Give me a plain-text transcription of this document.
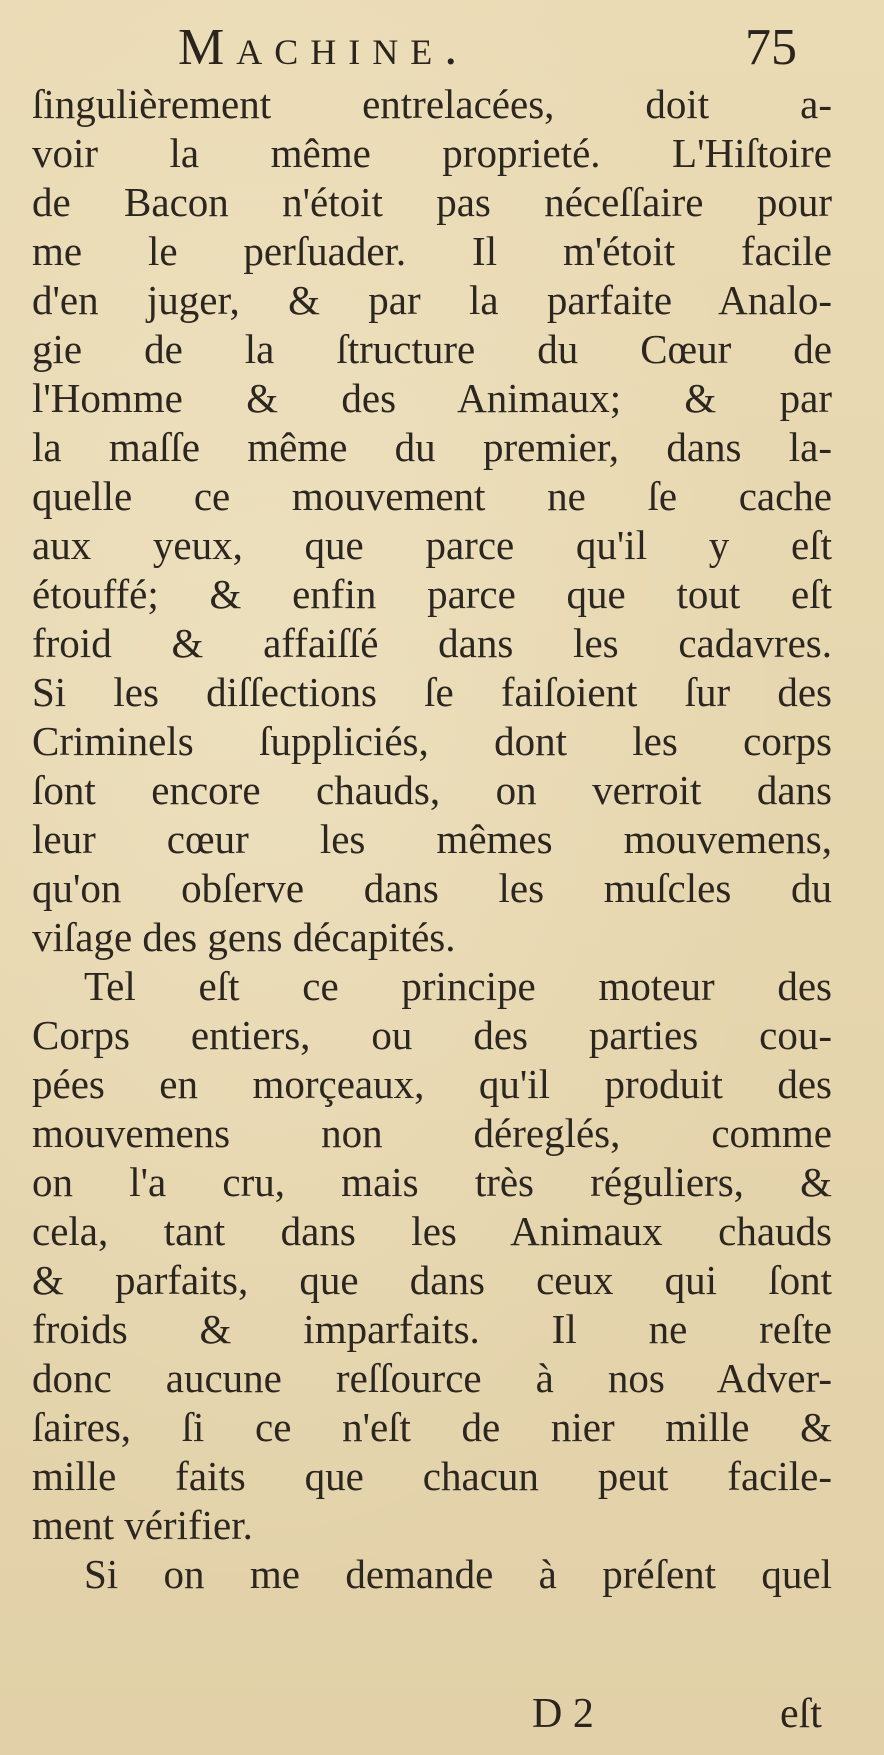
Machine.	75
ſingulièrement entrelacées, doit a-
voir la même proprieté. L'Hiſtoire
de Bacon n'étoit pas néceſſaire pour
me le perſuader. Il m'étoit facile
d'en juger, & par la parfaite Analo-
gie de la ſtructure du Cœur de
l'Homme & des Animaux; & par
la maſſe même du premier, dans la-
quelle ce mouvement ne ſe cache
aux yeux, que parce qu'il y eſt
étouffé; & enfin parce que tout eſt
froid & affaiſſé dans les cadavres.
Si les diſſections ſe faiſoient ſur des
Criminels ſuppliciés, dont les corps
ſont encore chauds, on verroit dans
leur cœur les mêmes mouvemens,
qu'on obſerve dans les muſcles du
viſage des gens décapités.
Tel eſt ce principe moteur des
Corps entiers, ou des parties cou-
pées en morçeaux, qu'il produit des
mouvemens non déreglés, comme
on l'a cru, mais très réguliers, &
cela, tant dans les Animaux chauds
& parfaits, que dans ceux qui ſont
froids & imparfaits. Il ne reſte
donc aucune reſſource à nos Adver-
ſaires, ſi ce n'eſt de nier mille &
mille faits que chacun peut facile-
ment vérifier.
Si on me demande à préſent quel
D 2	eſt
